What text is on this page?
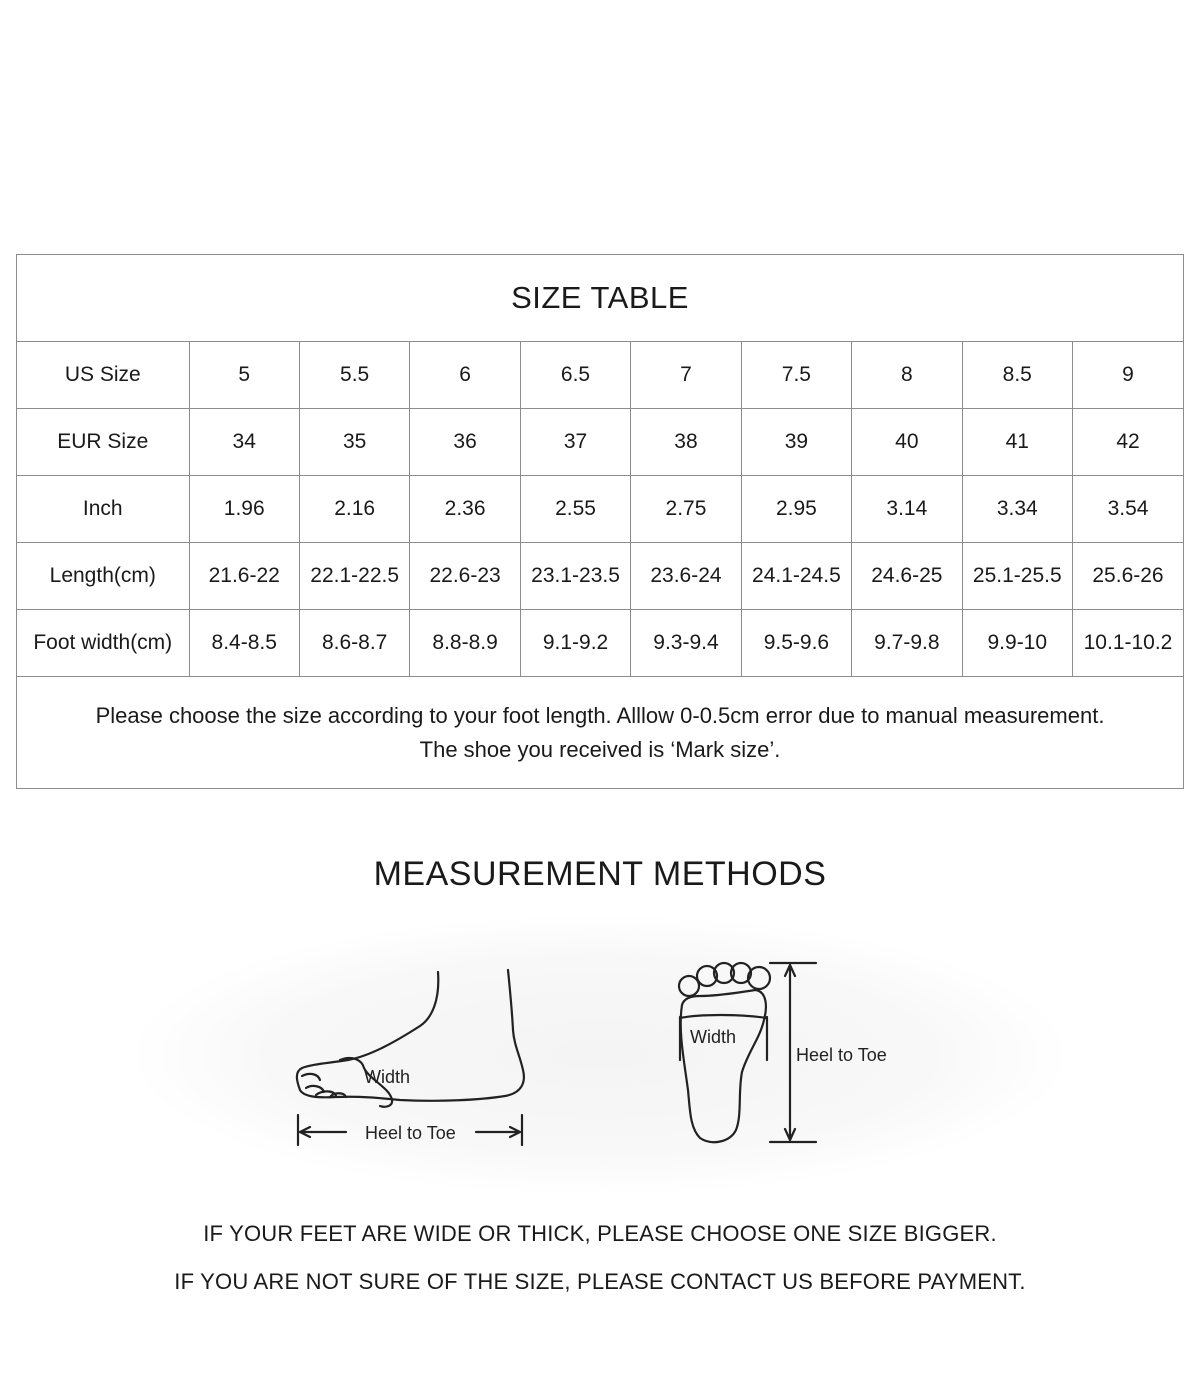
SIZE TABLE									
US Size	5	5.5	6	6.5	7	7.5	8	8.5	9
EUR Size	34	35	36	37	38	39	40	41	42
Inch	1.96	2.16	2.36	2.55	2.75	2.95	3.14	3.34	3.54
Length(cm)	21.6-22	22.1-22.5	22.6-23	23.1-23.5	23.6-24	24.1-24.5	24.6-25	25.1-25.5	25.6-26
Foot width(cm)	8.4-8.5	8.6-8.7	8.8-8.9	9.1-9.2	9.3-9.4	9.5-9.6	9.7-9.8	9.9-10	10.1-10.2

Please choose the size according to your foot length. Alllow 0-0.5cm error due to manual measurement.
The shoe you received is ‘Mark size’.									
MEASUREMENT METHODS
Width
Heel to Toe
Width
Heel to Toe
IF YOUR FEET ARE WIDE OR THICK, PLEASE CHOOSE ONE SIZE BIGGER.
IF YOU ARE NOT SURE OF THE SIZE, PLEASE CONTACT US BEFORE PAYMENT.
